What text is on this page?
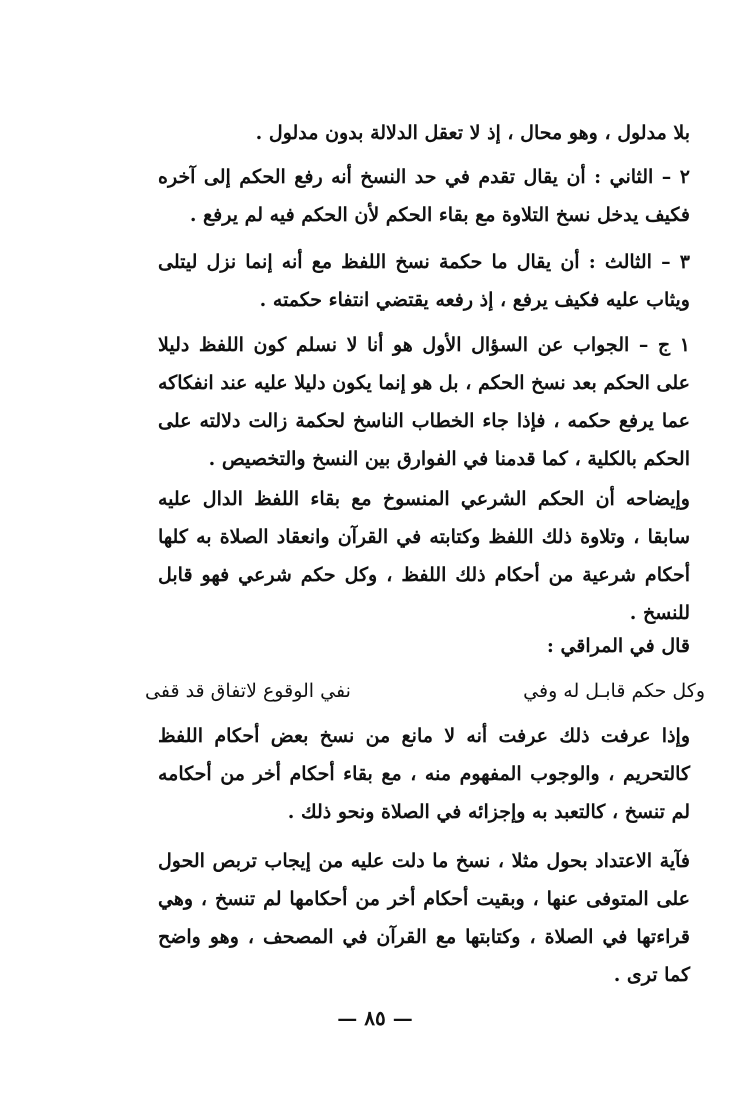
بلا مدلول ، وهو محال ، إذ لا تعقل الدلالة بدون مدلول .
٢ – الثاني : أن يقال تقدم في حد النسخ أنه رفع الحكم إلى آخره فكيف يدخل نسخ التلاوة مع بقاء الحكم لأن الحكم فيه لم يرفع .
٣ – الثالث : أن يقال ما حكمة نسخ اللفظ مع أنه إنما نزل ليتلى ويثاب عليه فكيف يرفع ، إذ رفعه يقتضي انتفاء حكمته .
١ ج – الجواب عن السؤال الأول هو أنا لا نسلم كون اللفظ دليلا على الحكم بعد نسخ الحكم ، بل هو إنما يكون دليلا عليه عند انفكاكه عما يرفع حكمه ، فإذا جاء الخطاب الناسخ لحكمة زالت دلالته على الحكم بالكلية ، كما قدمنا في الفوارق بين النسخ والتخصيص .
وإيضاحه أن الحكم الشرعي المنسوخ مع بقاء اللفظ الدال عليه سابقا ، وتلاوة ذلك اللفظ وكتابته في القرآن وانعقاد الصلاة به كلها أحكام شرعية من أحكام ذلك اللفظ ، وكل حكم شرعي فهو قابل للنسخ .
قال في المراقي :
وكل حكم قابـل له وفي
نفي الوقوع لاتفاق قد قفى
وإذا عرفت ذلك عرفت أنه لا مانع من نسخ بعض أحكام اللفظ كالتحريم ، والوجوب المفهوم منه ، مع بقاء أحكام أخر من أحكامه لم تنسخ ، كالتعبد به وإجزائه في الصلاة ونحو ذلك .
فآية الاعتداد بحول مثلا ، نسخ ما دلت عليه من إيجاب تربص الحول على المتوفى عنها ، وبقيت أحكام أخر من أحكامها لم تنسخ ، وهي قراءتها في الصلاة ، وكتابتها مع القرآن في المصحف ، وهو واضح كما ترى .
— ٨٥ —
